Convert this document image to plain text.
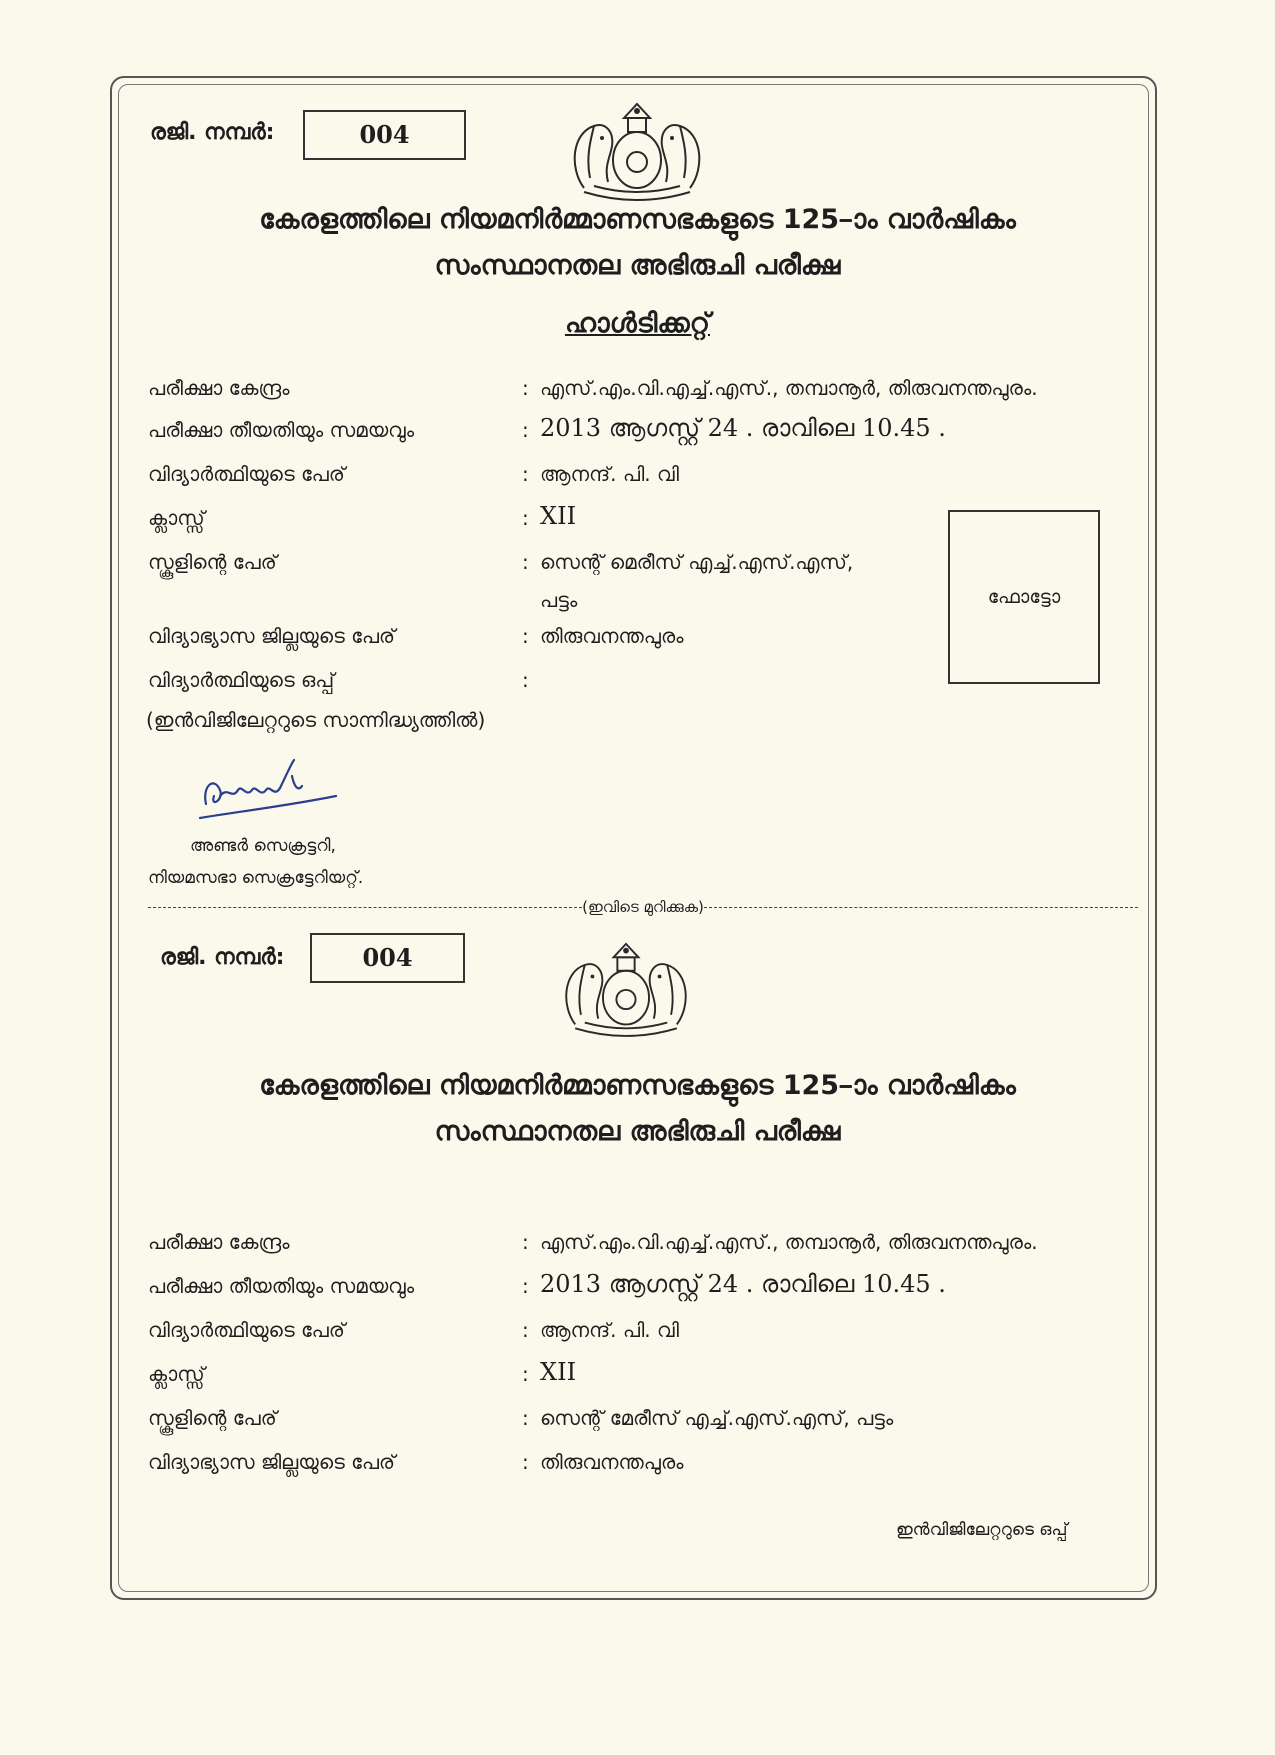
രജി. നമ്പർ:	004
കേരളത്തിലെ നിയമനിർമ്മാണസഭകളുടെ 125–ാം വാർഷികം
സംസ്ഥാനതല അഭിരുചി പരീക്ഷ
ഹാൾടിക്കറ്റ്
പരീക്ഷാ കേന്ദ്രം	: എസ്.എം.വി.എച്ച്.എസ്., തമ്പാനൂർ, തിരുവനന്തപുരം.
പരീക്ഷാ തീയതിയും സമയവും	: 2013 ആഗസ്റ്റ് 24 . രാവിലെ 10.45 .
വിദ്യാർത്ഥിയുടെ പേര്	: ആനന്ദ്. പി. വി
ക്ലാസ്സ്	: XII
സ്കൂളിന്റെ പേര്	: സെന്റ് മെരീസ് എച്ച്.എസ്.എസ്,
പട്ടം
വിദ്യാഭ്യാസ ജില്ലയുടെ പേര്	: തിരുവനന്തപുരം
വിദ്യാർത്ഥിയുടെ ഒപ്പ്	:
(ഇൻവിജിലേറ്ററുടെ സാന്നിദ്ധ്യത്തിൽ)
ഫോട്ടോ
അണ്ടർ സെക്രട്ടറി,
നിയമസഭാ സെക്രട്ടേറിയറ്റ്.
(ഇവിടെ മുറിക്കുക)
രജി. നമ്പർ:	004
കേരളത്തിലെ നിയമനിർമ്മാണസഭകളുടെ 125–ാം വാർഷികം
സംസ്ഥാനതല അഭിരുചി പരീക്ഷ
പരീക്ഷാ കേന്ദ്രം	: എസ്.എം.വി.എച്ച്.എസ്., തമ്പാനൂർ, തിരുവനന്തപുരം.
പരീക്ഷാ തീയതിയും സമയവും	: 2013 ആഗസ്റ്റ് 24 . രാവിലെ 10.45 .
വിദ്യാർത്ഥിയുടെ പേര്	: ആനന്ദ്. പി. വി
ക്ലാസ്സ്	: XII
സ്കൂളിന്റെ പേര്	: സെന്റ് മേരീസ് എച്ച്.എസ്.എസ്, പട്ടം
വിദ്യാഭ്യാസ ജില്ലയുടെ പേര്	: തിരുവനന്തപുരം
ഇൻവിജിലേറ്ററുടെ ഒപ്പ്
